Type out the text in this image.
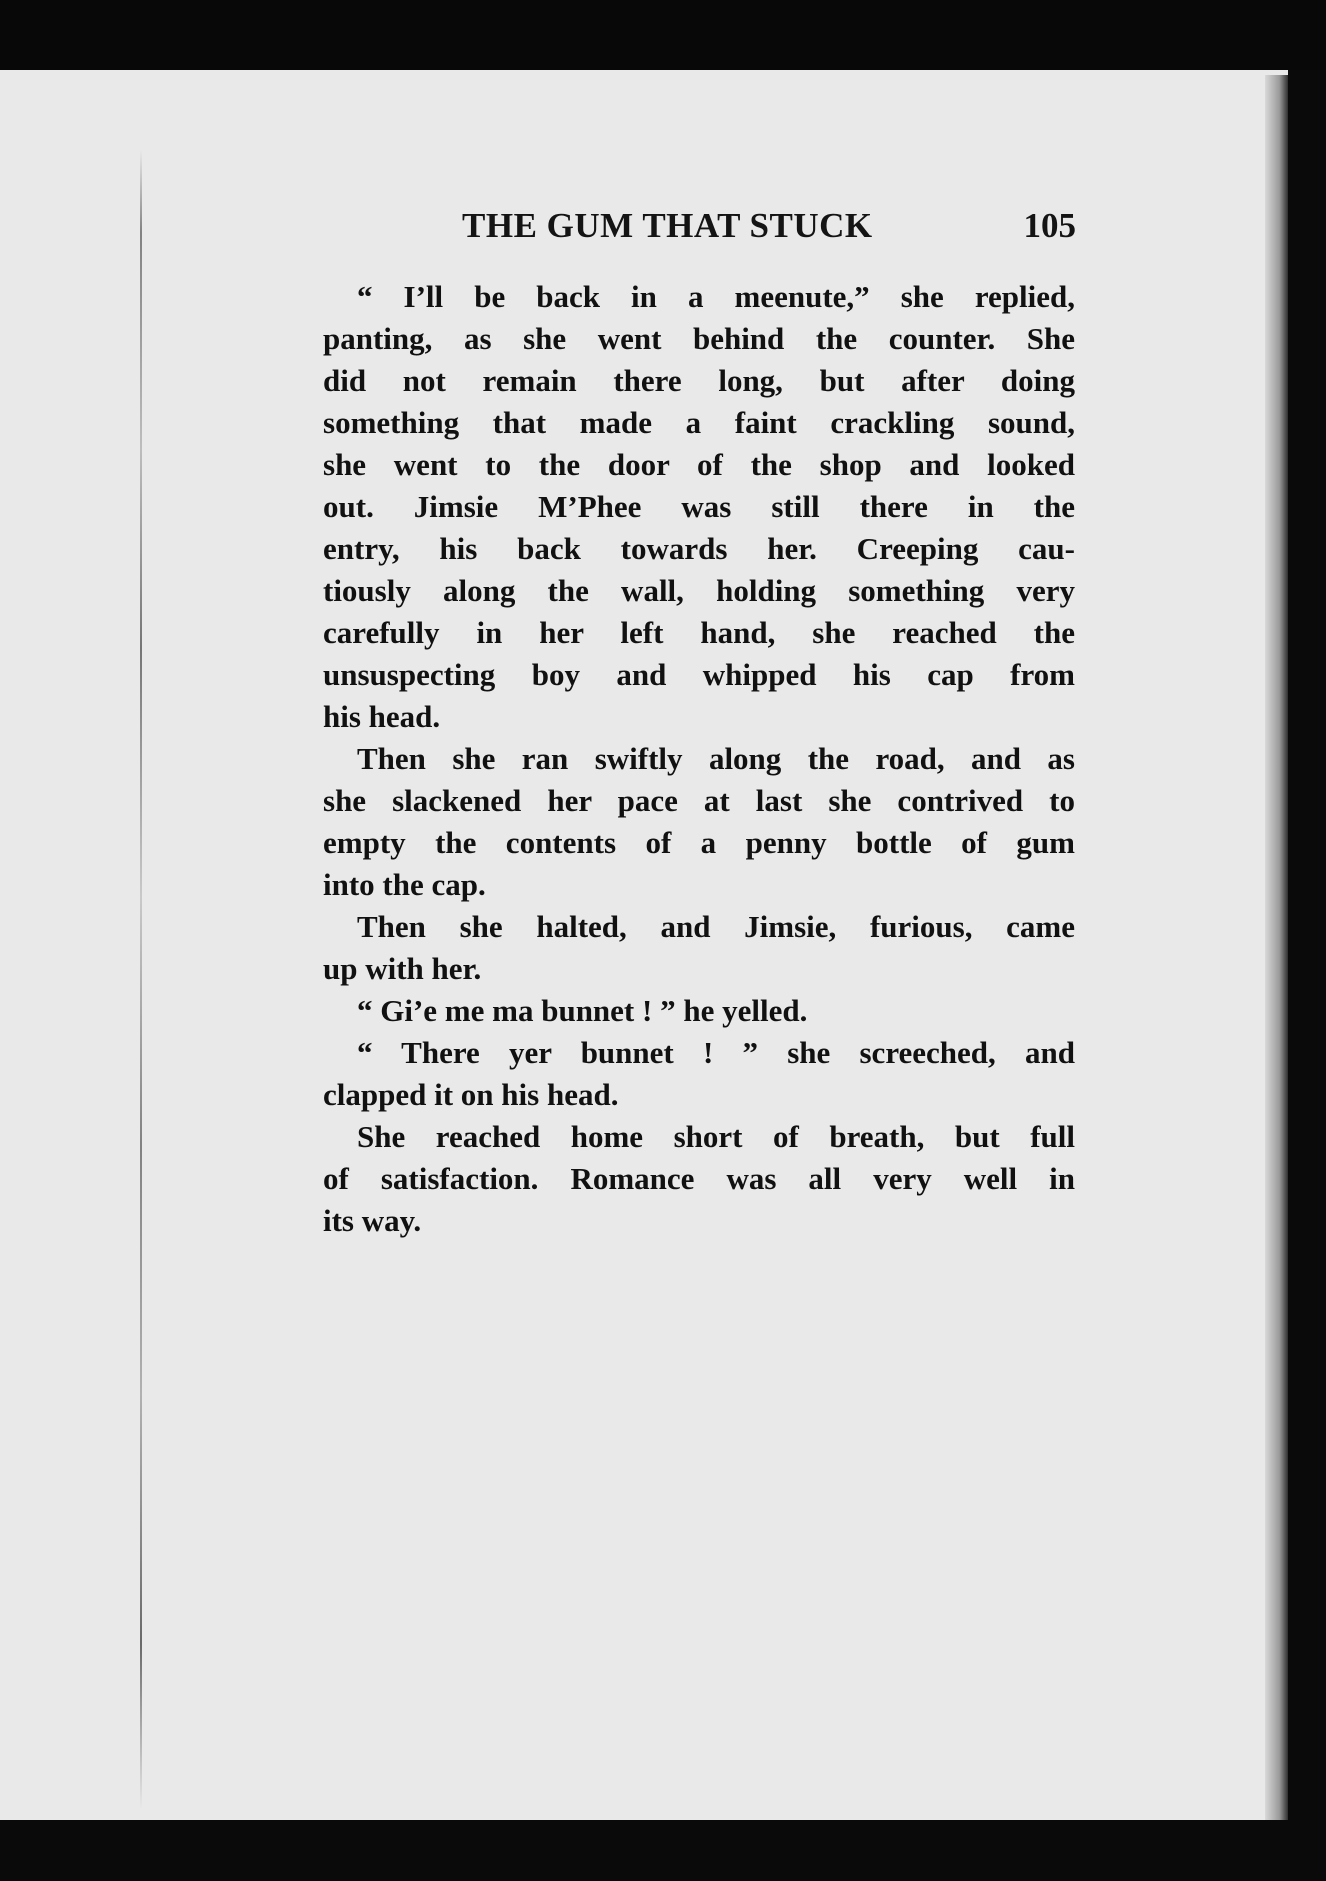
THE GUM THAT STUCK	105
“ I’ll be back in a meenute,” she replied,
panting, as she went behind the counter. She
did not remain there long, but after doing
something that made a faint crackling sound,
she went to the door of the shop and looked
out. Jimsie M’Phee was still there in the
entry, his back towards her. Creeping cau-
tiously along the wall, holding something very
carefully in her left hand, she reached the
unsuspecting boy and whipped his cap from
his head.
Then she ran swiftly along the road, and as
she slackened her pace at last she contrived to
empty the contents of a penny bottle of gum
into the cap.
Then she halted, and Jimsie, furious, came
up with her.
“ Gi’e me ma bunnet ! ” he yelled.
“ There yer bunnet ! ” she screeched, and
clapped it on his head.
She reached home short of breath, but full
of satisfaction. Romance was all very well in
its way.
